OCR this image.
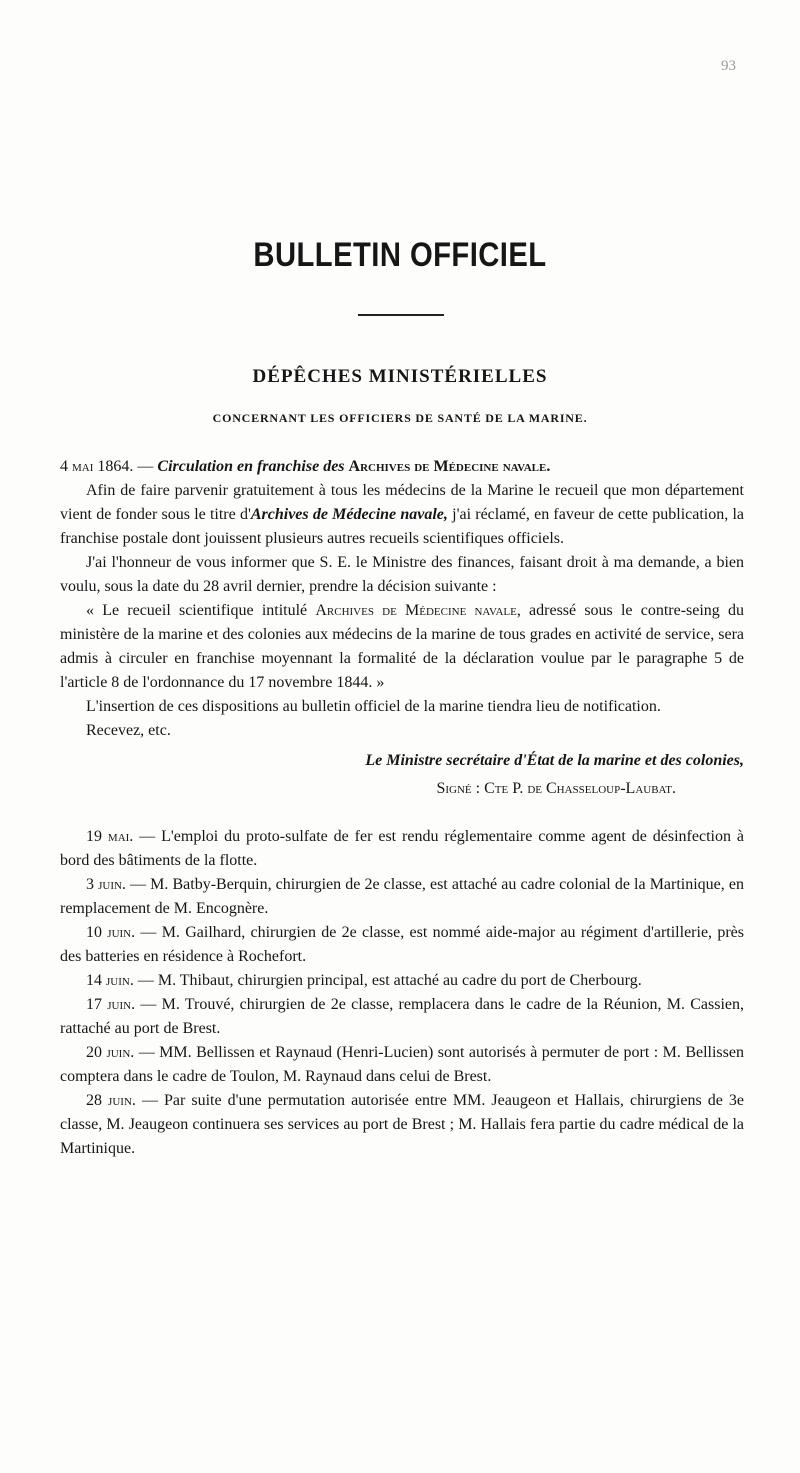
93
BULLETIN OFFICIEL
DÉPÊCHES MINISTÉRIELLES
CONCERNANT LES OFFICIERS DE SANTÉ DE LA MARINE.

4 mai 1864. — Circulation en franchise des Archives de Médecine navale.

Afin de faire parvenir gratuitement à tous les médecins de la Marine le recueil que mon département vient de fonder sous le titre d'Archives de Médecine navale, j'ai réclamé, en faveur de cette publication, la franchise postale dont jouissent plusieurs autres recueils scientifiques officiels.

J'ai l'honneur de vous informer que S. E. le Ministre des finances, faisant droit à ma demande, a bien voulu, sous la date du 28 avril dernier, prendre la décision suivante :

« Le recueil scientifique intitulé Archives de Médecine navale, adressé sous le contre-seing du ministère de la marine et des colonies aux médecins de la marine de tous grades en activité de service, sera admis à circuler en franchise moyennant la formalité de la déclaration voulue par le paragraphe 5 de l'article 8 de l'ordonnance du 17 novembre 1844. »

L'insertion de ces dispositions au bulletin officiel de la marine tiendra lieu de notification.

Recevez, etc.

Le Ministre secrétaire d'État de la marine et des colonies,
Signé : Cte P. de Chasseloup-Laubat.

19 mai. — L'emploi du proto-sulfate de fer est rendu réglementaire comme agent de désinfection à bord des bâtiments de la flotte.

3 juin. — M. Batby-Berquin, chirurgien de 2e classe, est attaché au cadre colonial de la Martinique, en remplacement de M. Encognère.

10 juin. — M. Gailhard, chirurgien de 2e classe, est nommé aide-major au régiment d'artillerie, près des batteries en résidence à Rochefort.

14 juin. — M. Thibaut, chirurgien principal, est attaché au cadre du port de Cherbourg.

17 juin. — M. Trouvé, chirurgien de 2e classe, remplacera dans le cadre de la Réunion, M. Cassien, rattaché au port de Brest.

20 juin. — MM. Bellissen et Raynaud (Henri-Lucien) sont autorisés à permuter de port : M. Bellissen comptera dans le cadre de Toulon, M. Raynaud dans celui de Brest.

28 juin. — Par suite d'une permutation autorisée entre MM. Jeaugeon et Hallais, chirurgiens de 3e classe, M. Jeaugeon continuera ses services au port de Brest ; M. Hallais fera partie du cadre médical de la Martinique.
